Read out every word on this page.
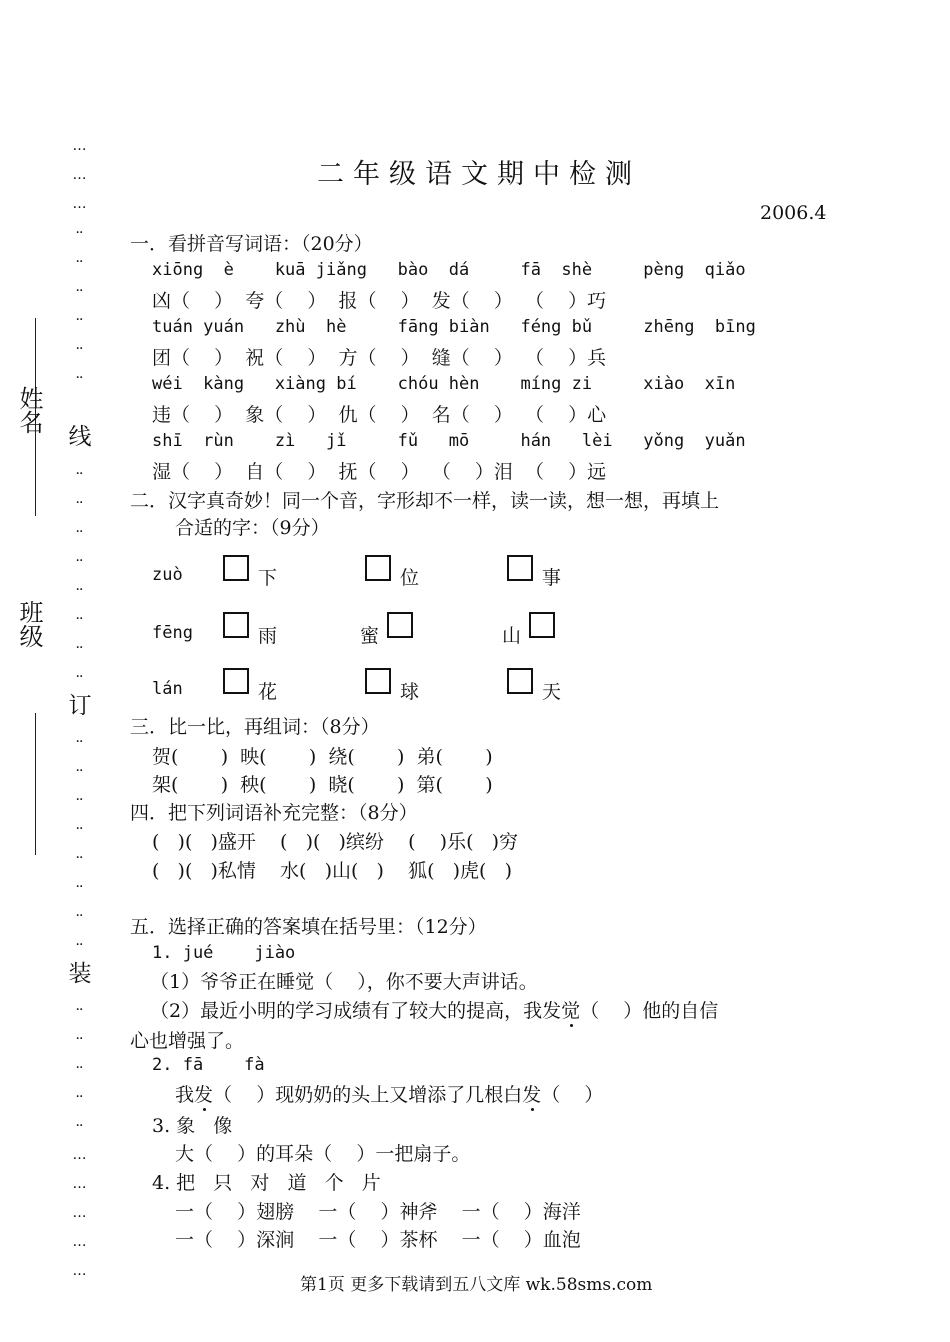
姓名
班级
…
…
…
··
··
··
··
··
··
线
··
··
··
··
··
··
··
··
订
··
··
··
··
··
··
··
··
装
··
··
··
··
··
…
…
…
…
…
二年级语文期中检测
2006.4
一．看拼音写词语：（20分）
xiōng  è    kuā jiǎng   bào  dá     fā  shè     pèng  qiǎo
凶（    ）  夸（    ）  报（    ）  发（    ）  （    ）巧
tuán yuán   zhù  hè     fāng biàn   féng bǔ     zhēng  bīng
团（    ）  祝（    ）  方（    ）  缝（    ）  （    ）兵
wéi  kàng   xiàng bí    chóu hèn    míng zi     xiào  xīn
违（    ）  象（    ）  仇（    ）  名（    ）  （    ）心
shī  rùn    zì   jǐ     fǔ   mō     hán   lèi   yǒng  yuǎn
湿（    ）  自（    ）  抚（    ）  （    ）泪  （    ）远
二．汉字真奇妙！同一个音，字形却不一样，读一读，想一想，再填上
合适的字：（9分）
zuò	下	位	事
fēng	雨	蜜	山
lán	花	球	天
三．比一比，再组词：（8分）
贺(       )  映(       )  绕(       )  弟(       )
架(       )  秧(       )  晓(       )  第(       )
四．把下列词语补充完整：（8分）
(   )(   )盛开    (   )(   )缤纷    (    )乐(   )穷
(   )(   )私情    水(   )山(   )    狐(   )虎(   )
五．选择正确的答案填在括号里：（12分）
1. jué    jiào
（1）爷爷正在睡觉（    ），你不要大声讲话。
（2）最近小明的学习成绩有了较大的提高，我发觉（    ）他的自信
心也增强了。
2. fā    fà
我发（    ）现奶奶的头上又增添了几根白发（    ）
3. 象   像
大（    ）的耳朵（    ）一把扇子。
4. 把   只   对   道   个   片
一（    ）翅膀    一（    ）神斧    一（    ）海洋
一（    ）深涧    一（    ）茶杯    一（    ）血泡
第1页 更多下载请到五八文库 wk.58sms.com
